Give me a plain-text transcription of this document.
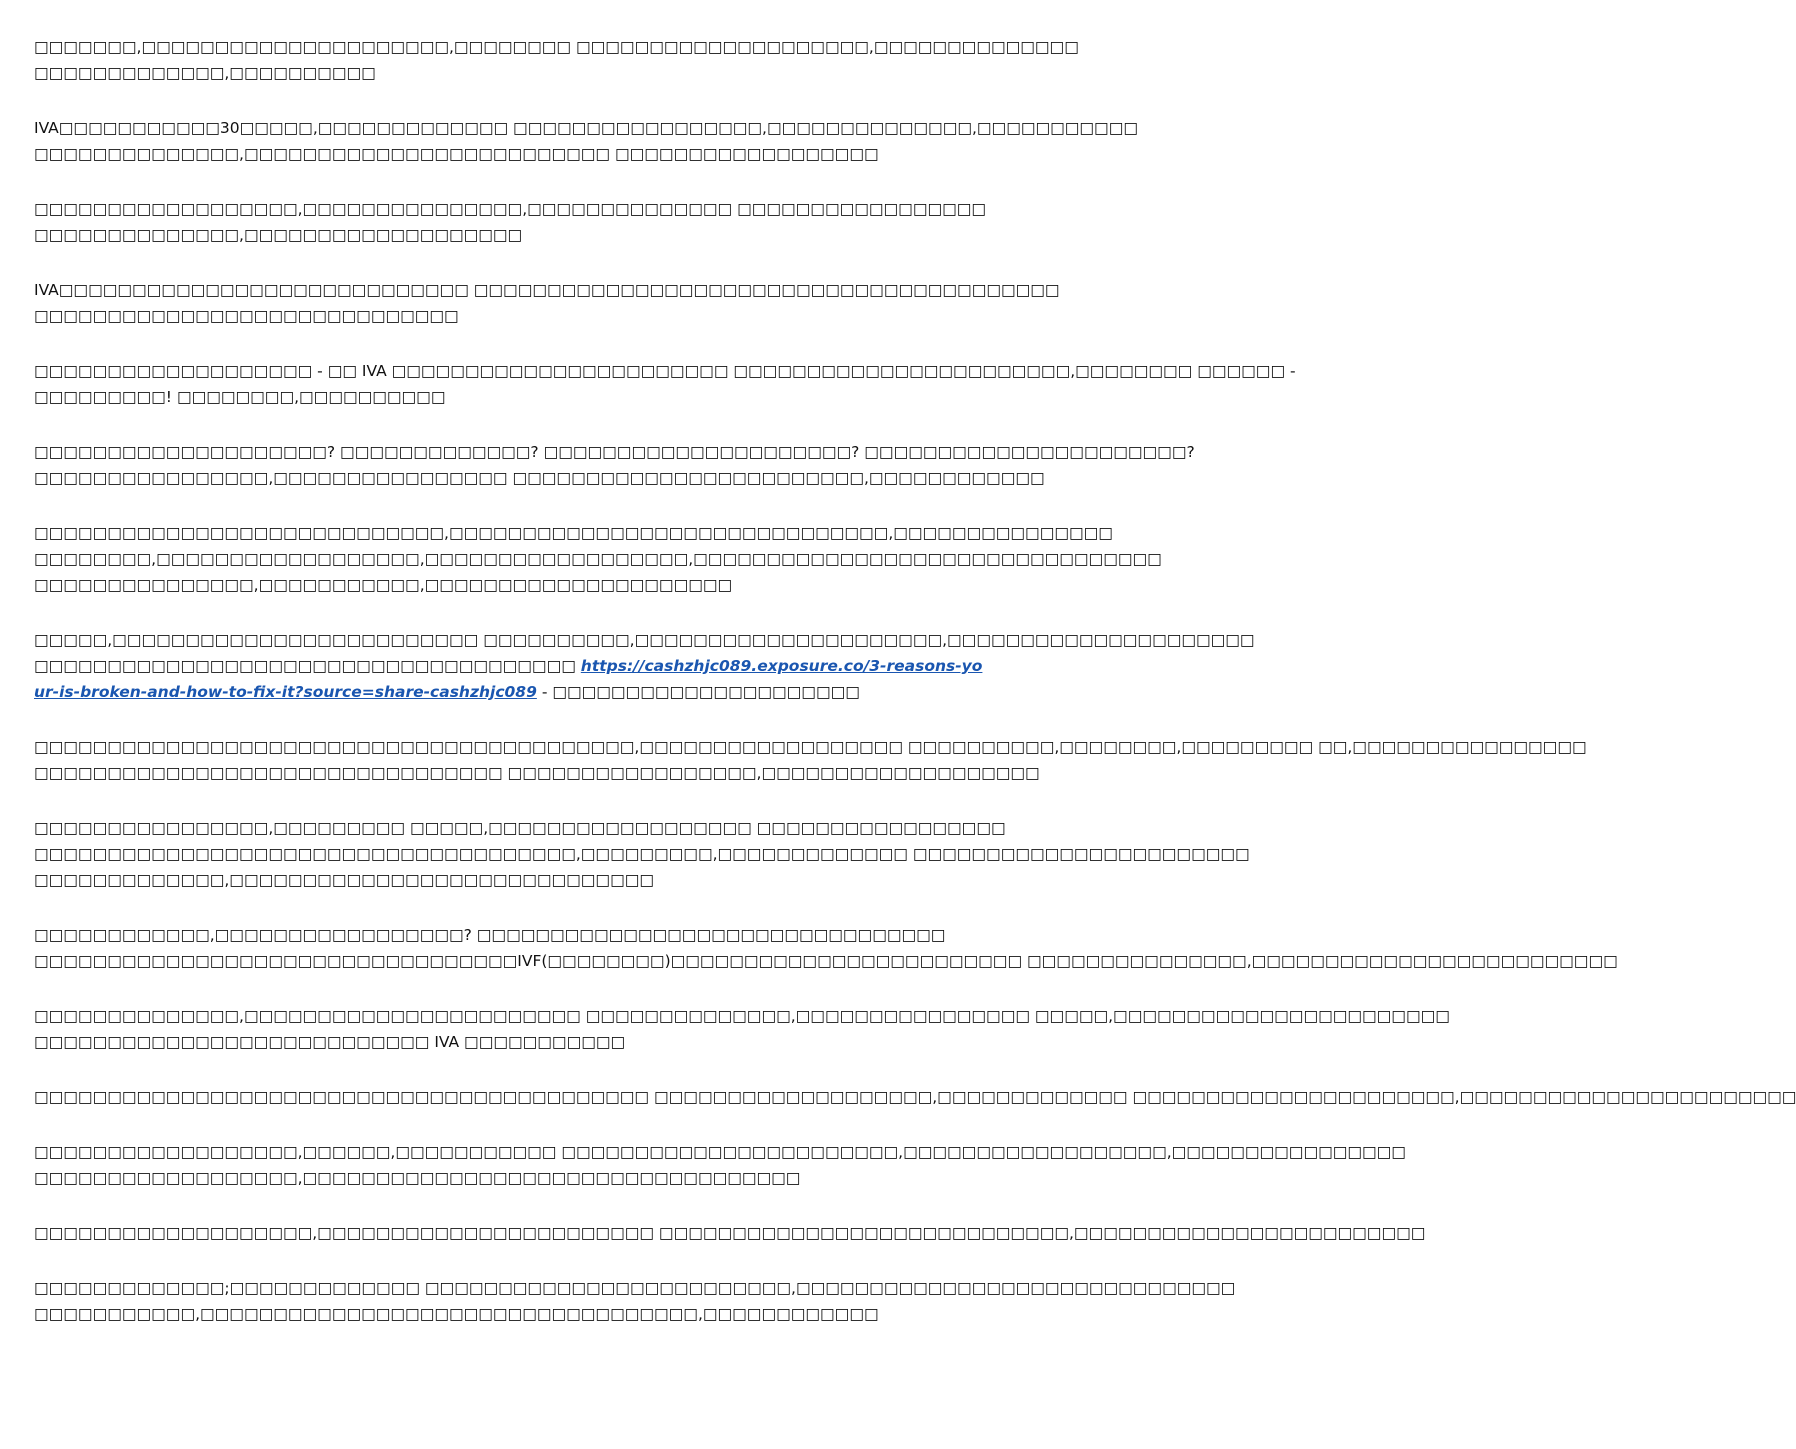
□□□□□□□,□□□□□□□□□□□□□□□□□□□□□,□□□□□□□□ □□□□□□□□□□□□□□□□□□□□,□□□□□□□□□□□□□□
□□□□□□□□□□□□□,□□□□□□□□□□

IVA□□□□□□□□□□□30□□□□□,□□□□□□□□□□□□□ □□□□□□□□□□□□□□□□□,□□□□□□□□□□□□□□,□□□□□□□□□□□
□□□□□□□□□□□□□□,□□□□□□□□□□□□□□□□□□□□□□□□□ □□□□□□□□□□□□□□□□□□

□□□□□□□□□□□□□□□□□□,□□□□□□□□□□□□□□□,□□□□□□□□□□□□□□ □□□□□□□□□□□□□□□□□
□□□□□□□□□□□□□□,□□□□□□□□□□□□□□□□□□□

IVA□□□□□□□□□□□□□□□□□□□□□□□□□□□□ □□□□□□□□□□□□□□□□□□□□□□□□□□□□□□□□□□□□□□□□
□□□□□□□□□□□□□□□□□□□□□□□□□□□□□

□□□□□□□□□□□□□□□□□□□ - □□ IVA □□□□□□□□□□□□□□□□□□□□□□□ □□□□□□□□□□□□□□□□□□□□□□□,□□□□□□□□ □□□□□□ -
□□□□□□□□□! □□□□□□□□,□□□□□□□□□□

□□□□□□□□□□□□□□□□□□□□? □□□□□□□□□□□□□? □□□□□□□□□□□□□□□□□□□□□? □□□□□□□□□□□□□□□□□□□□□□?
□□□□□□□□□□□□□□□□,□□□□□□□□□□□□□□□□ □□□□□□□□□□□□□□□□□□□□□□□□,□□□□□□□□□□□□

□□□□□□□□□□□□□□□□□□□□□□□□□□□□,□□□□□□□□□□□□□□□□□□□□□□□□□□□□□□,□□□□□□□□□□□□□□□
□□□□□□□□,□□□□□□□□□□□□□□□□□□,□□□□□□□□□□□□□□□□□□,□□□□□□□□□□□□□□□□□□□□□□□□□□□□□□□□
□□□□□□□□□□□□□□□,□□□□□□□□□□□,□□□□□□□□□□□□□□□□□□□□□

□□□□□,□□□□□□□□□□□□□□□□□□□□□□□□□ □□□□□□□□□□,□□□□□□□□□□□□□□□□□□□□□,□□□□□□□□□□□□□□□□□□□□□
□□□□□□□□□□□□□□□□□□□□□□□□□□□□□□□□□□□□□ https://cashzhjc089.exposure.co/3-reasons-your-is-broken-and-how-to-fix-it?source=share-cashzhjc089 - □□□□□□□□□□□□□□□□□□□□□

□□□□□□□□□□□□□□□□□□□□□□□□□□□□□□□□□□□□□□□□□,□□□□□□□□□□□□□□□□□□ □□□□□□□□□□,□□□□□□□□,□□□□□□□□□ □□,□□□□□□□□□□□□□□□□
□□□□□□□□□□□□□□□□□□□□□□□□□□□□□□□□ □□□□□□□□□□□□□□□□□,□□□□□□□□□□□□□□□□□□□

□□□□□□□□□□□□□□□□,□□□□□□□□□ □□□□□,□□□□□□□□□□□□□□□□□□ □□□□□□□□□□□□□□□□□
□□□□□□□□□□□□□□□□□□□□□□□□□□□□□□□□□□□□□,□□□□□□□□□,□□□□□□□□□□□□□ □□□□□□□□□□□□□□□□□□□□□□□
□□□□□□□□□□□□□,□□□□□□□□□□□□□□□□□□□□□□□□□□□□□

□□□□□□□□□□□□,□□□□□□□□□□□□□□□□□? □□□□□□□□□□□□□□□□□□□□□□□□□□□□□□□□
□□□□□□□□□□□□□□□□□□□□□□□□□□□□□□□□□IVF(□□□□□□□□)□□□□□□□□□□□□□□□□□□□□□□□□ □□□□□□□□□□□□□□□,□□□□□□□□□□□□□□□□□□□□□□□□□

□□□□□□□□□□□□□□,□□□□□□□□□□□□□□□□□□□□□□□ □□□□□□□□□□□□□□,□□□□□□□□□□□□□□□□ □□□□□,□□□□□□□□□□□□□□□□□□□□□□□
□□□□□□□□□□□□□□□□□□□□□□□□□□□ IVA □□□□□□□□□□□

□□□□□□□□□□□□□□□□□□□□□□□□□□□□□□□□□□□□□□□□□□ □□□□□□□□□□□□□□□□□□□,□□□□□□□□□□□□□ □□□□□□□□□□□□□□□□□□□□□□,□□□□□□□□□□□□□□□□□□□□□□□

□□□□□□□□□□□□□□□□□□,□□□□□□,□□□□□□□□□□□ □□□□□□□□□□□□□□□□□□□□□□□,□□□□□□□□□□□□□□□□□□,□□□□□□□□□□□□□□□□
□□□□□□□□□□□□□□□□□□,□□□□□□□□□□□□□□□□□□□□□□□□□□□□□□□□□□

□□□□□□□□□□□□□□□□□□□,□□□□□□□□□□□□□□□□□□□□□□□ □□□□□□□□□□□□□□□□□□□□□□□□□□□□,□□□□□□□□□□□□□□□□□□□□□□□□

□□□□□□□□□□□□□;□□□□□□□□□□□□□ □□□□□□□□□□□□□□□□□□□□□□□□□,□□□□□□□□□□□□□□□□□□□□□□□□□□□□□□
□□□□□□□□□□□,□□□□□□□□□□□□□□□□□□□□□□□□□□□□□□□□□□,□□□□□□□□□□□□
